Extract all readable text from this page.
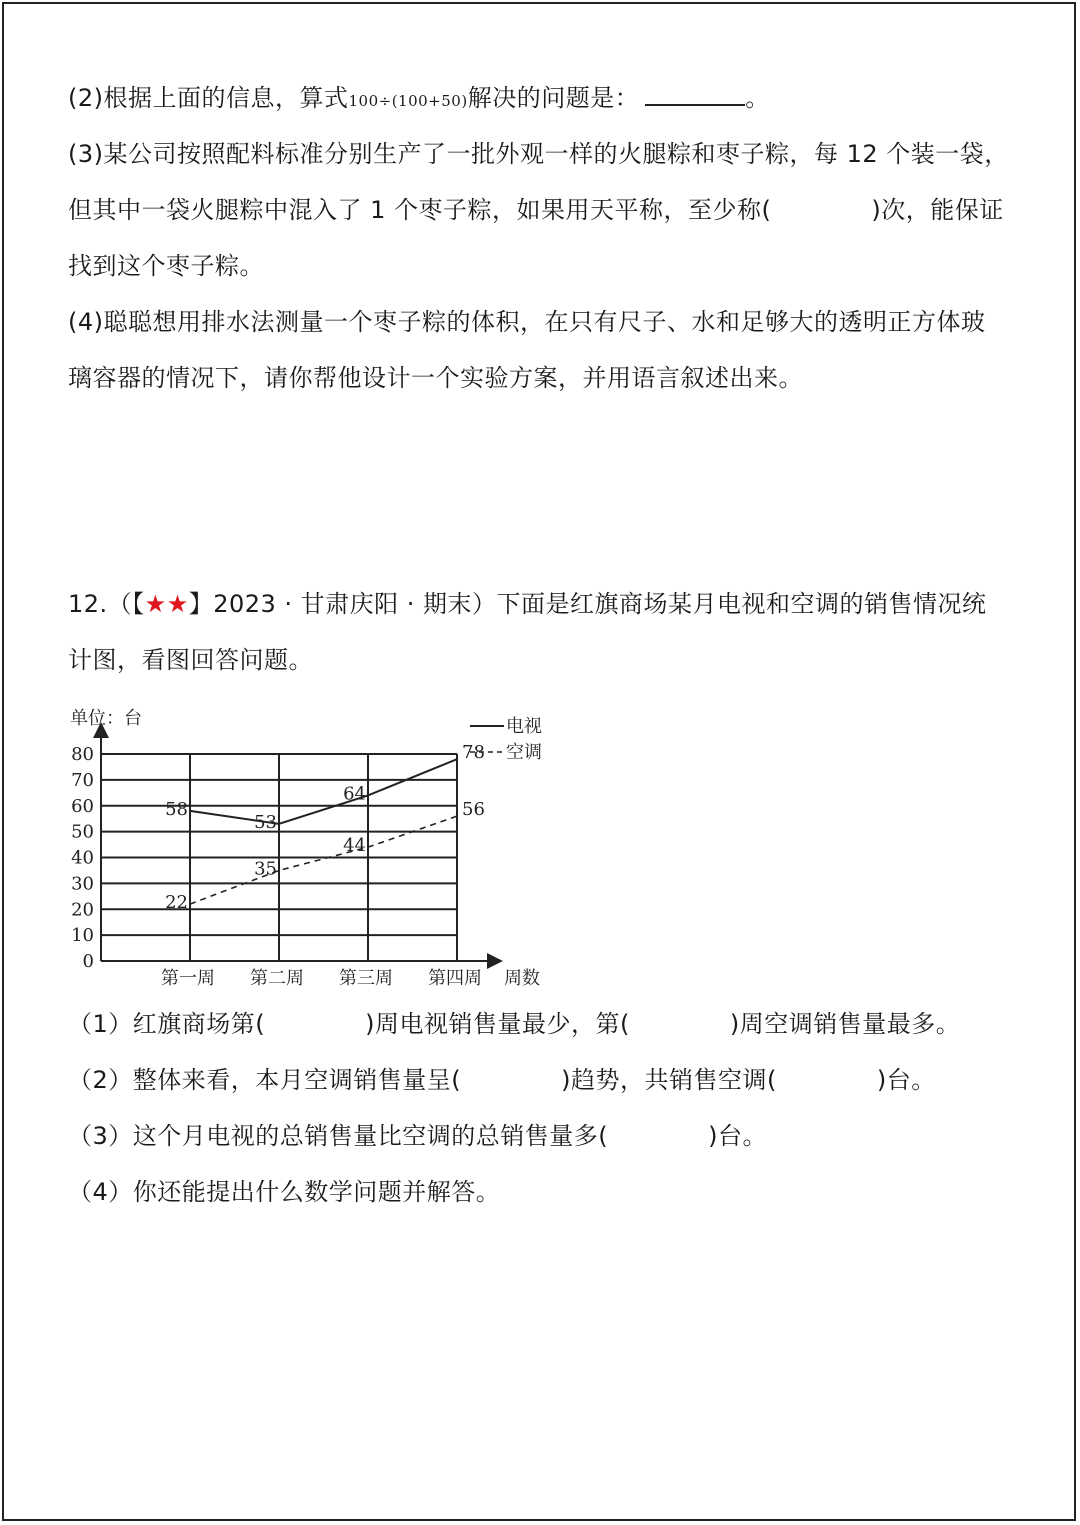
(2)根据上面的信息，算式100÷(100+50)解决的问题是：	。
(3)某公司按照配料标准分别生产了一批外观一样的火腿粽和枣子粽，每 12 个装一袋，
但其中一袋火腿粽中混入了 1 个枣子粽，如果用天平称，至少称(	)次，能保证
找到这个枣子粽。
(4)聪聪想用排水法测量一个枣子粽的体积，在只有尺子、水和足够大的透明正方体玻
璃容器的情况下，请你帮他设计一个实验方案，并用语言叙述出来。
12.（【★★】2023 · 甘肃庆阳 · 期末）下面是红旗商场某月电视和空调的销售情况统
计图，看图回答问题。
单位：台
0
10
20
30
40
50
60
70
80
第一周 第二周 第三周 第四周 周数
58
53
64
78
22
35
44
56
电视
空调
（1）红旗商场第(	)周电视销售量最少，第(	)周空调销售量最多。
（2）整体来看，本月空调销售量呈(	)趋势，共销售空调(	)台。
（3）这个月电视的总销售量比空调的总销售量多(	)台。
（4）你还能提出什么数学问题并解答。
